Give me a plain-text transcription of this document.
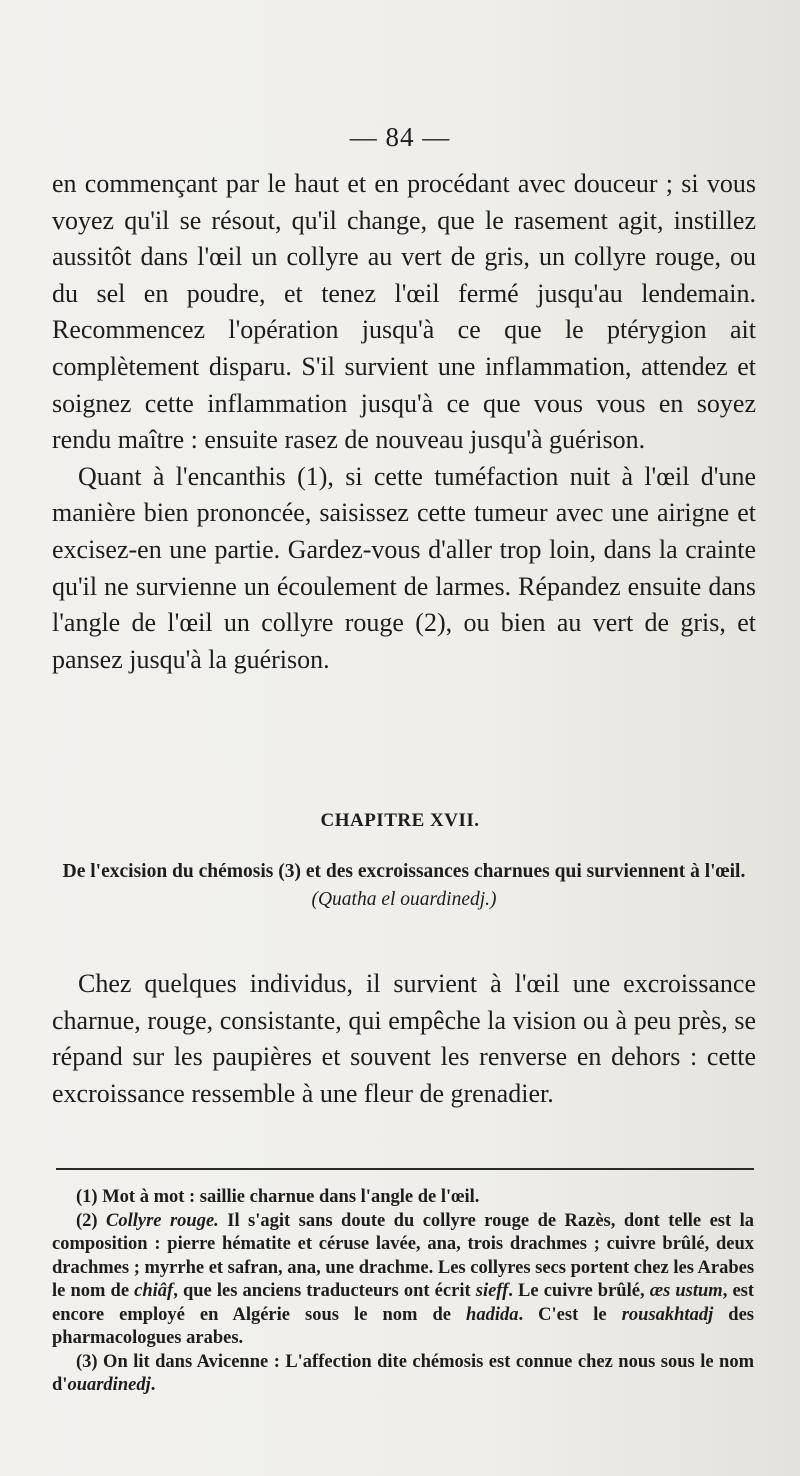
— 84 —

en commençant par le haut et en procédant avec douceur ; si vous voyez qu'il se résout, qu'il change, que le rasement agit, instillez aussitôt dans l'œil un collyre au vert de gris, un collyre rouge, ou du sel en poudre, et tenez l'œil fermé jusqu'au lendemain. Recommencez l'opération jusqu'à ce que le ptérygion ait complètement disparu. S'il survient une inflammation, attendez et soignez cette inflammation jusqu'à ce que vous vous en soyez rendu maître : ensuite rasez de nouveau jusqu'à guérison.

Quant à l'encanthis (1), si cette tuméfaction nuit à l'œil d'une manière bien prononcée, saisissez cette tumeur avec une airigne et excisez-en une partie. Gardez-vous d'aller trop loin, dans la crainte qu'il ne survienne un écoulement de larmes. Répandez ensuite dans l'angle de l'œil un collyre rouge (2), ou bien au vert de gris, et pansez jusqu'à la guérison.

CHAPITRE XVII.
De l'excision du chémosis (3) et des excroissances charnues qui surviennent à l'œil. (Quatha el ouardinedj.)

Chez quelques individus, il survient à l'œil une excroissance charnue, rouge, consistante, qui empêche la vision ou à peu près, se répand sur les paupières et souvent les renverse en dehors : cette excroissance ressemble à une fleur de grenadier.

(1) Mot à mot : saillie charnue dans l'angle de l'œil.

(2) Collyre rouge. Il s'agit sans doute du collyre rouge de Razès, dont telle est la composition : pierre hématite et céruse lavée, ana, trois drachmes ; cuivre brûlé, deux drachmes ; myrrhe et safran, ana, une drachme. Les collyres secs portent chez les Arabes le nom de chiâf, que les anciens traducteurs ont écrit sieff. Le cuivre brûlé, æs ustum, est encore employé en Algérie sous le nom de hadida. C'est le rousakhtadj des pharmacologues arabes.

(3) On lit dans Avicenne : L'affection dite chémosis est connue chez nous sous le nom d'ouardinedj.
